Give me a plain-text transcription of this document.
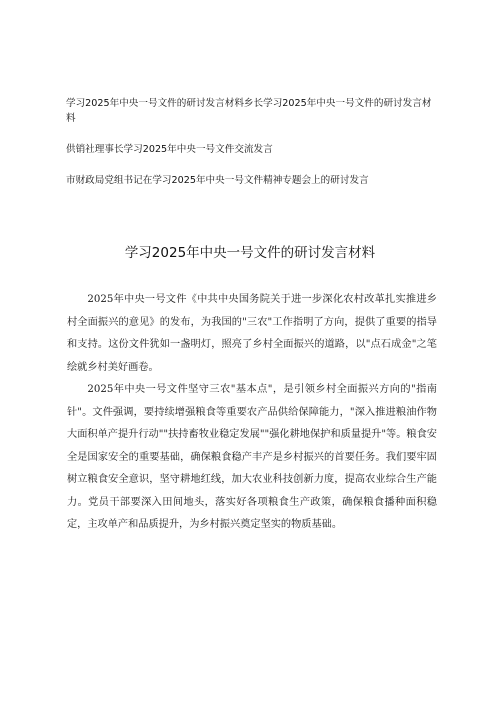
学习2025年中央一号文件的研讨发言材料乡长学习2025年中央一号文件的研讨发言材料

供销社理事长学习2025年中央一号文件交流发言

市财政局党组书记在学习2025年中央一号文件精神专题会上的研讨发言

学习2025年中央一号文件的研讨发言材料

2025年中央一号文件《中共中央国务院关于进一步深化农村改革扎实推进乡村全面振兴的意见》的发布，为我国的"三农"工作指明了方向，提供了重要的指导和支持。这份文件犹如一盏明灯，照亮了乡村全面振兴的道路，以"点石成金"之笔绘就乡村美好画卷。

2025年中央一号文件坚守三农"基本点"，是引领乡村全面振兴方向的"指南针"。文件强调，要持续增强粮食等重要农产品供给保障能力，"深入推进粮油作物大面积单产提升行动""扶持畜牧业稳定发展""强化耕地保护和质量提升"等。粮食安全是国家安全的重要基础，确保粮食稳产丰产是乡村振兴的首要任务。我们要牢固树立粮食安全意识，坚守耕地红线，加大农业科技创新力度，提高农业综合生产能力。党员干部要深入田间地头，落实好各项粮食生产政策，确保粮食播种面积稳定，主攻单产和品质提升，为乡村振兴奠定坚实的物质基础。
